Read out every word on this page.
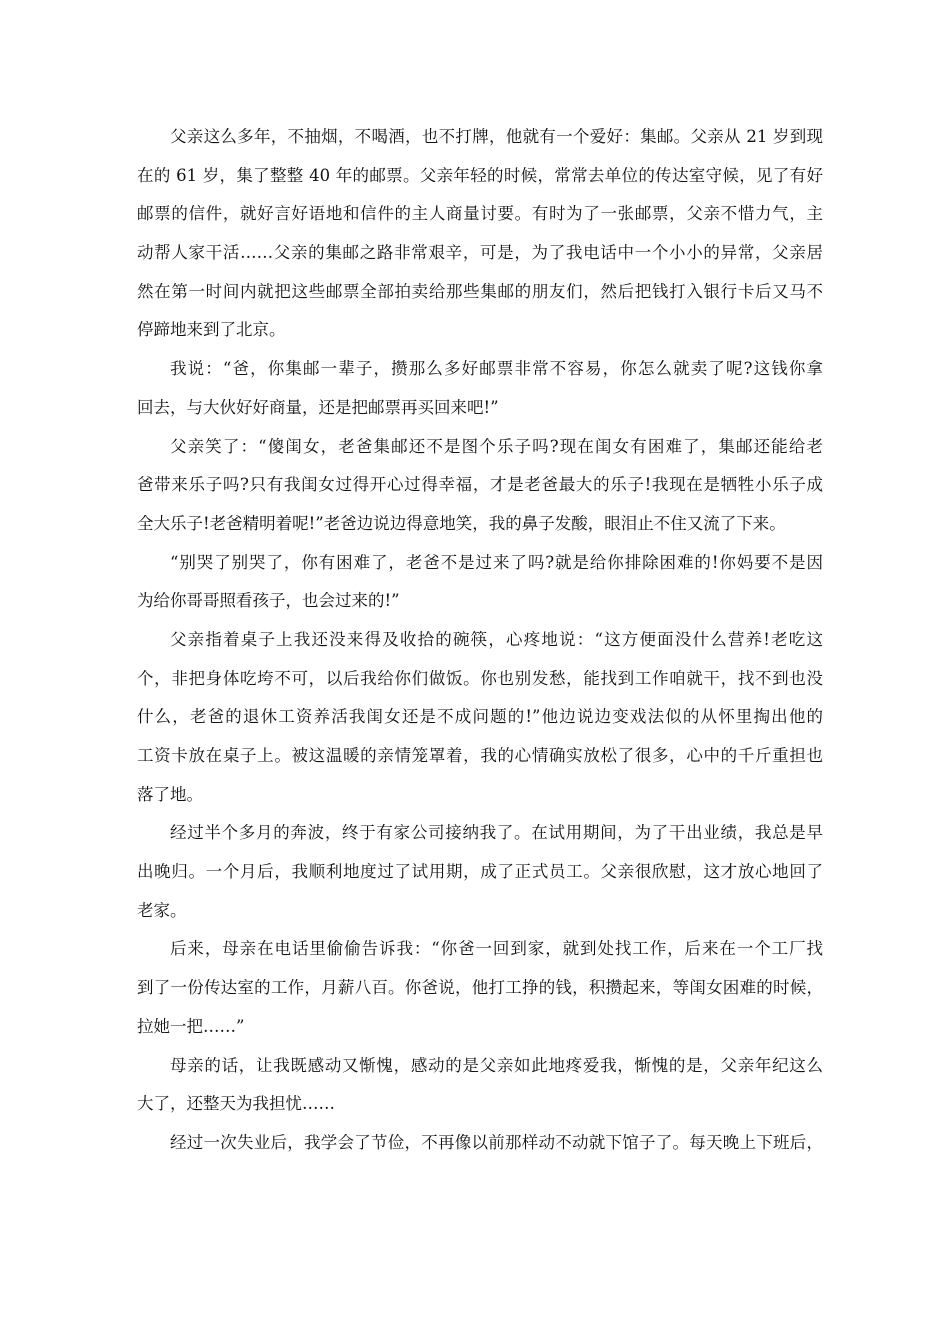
父亲这么多年，不抽烟，不喝酒，也不打牌，他就有一个爱好：集邮。父亲从 21 岁到现
在的 61 岁，集了整整 40 年的邮票。父亲年轻的时候，常常去单位的传达室守候，见了有好
邮票的信件，就好言好语地和信件的主人商量讨要。有时为了一张邮票，父亲不惜力气，主
动帮人家干活……父亲的集邮之路非常艰辛，可是，为了我电话中一个小小的异常，父亲居
然在第一时间内就把这些邮票全部拍卖给那些集邮的朋友们，然后把钱打入银行卡后又马不
停蹄地来到了北京。
我说：“爸，你集邮一辈子，攒那么多好邮票非常不容易，你怎么就卖了呢?这钱你拿
回去，与大伙好好商量，还是把邮票再买回来吧!”
父亲笑了：“傻闺女，老爸集邮还不是图个乐子吗?现在闺女有困难了，集邮还能给老
爸带来乐子吗?只有我闺女过得开心过得幸福，才是老爸最大的乐子!我现在是牺牲小乐子成
全大乐子!老爸精明着呢!”老爸边说边得意地笑，我的鼻子发酸，眼泪止不住又流了下来。
“别哭了别哭了，你有困难了，老爸不是过来了吗?就是给你排除困难的!你妈要不是因
为给你哥哥照看孩子，也会过来的!”
父亲指着桌子上我还没来得及收拾的碗筷，心疼地说：“这方便面没什么营养!老吃这
个，非把身体吃垮不可，以后我给你们做饭。你也别发愁，能找到工作咱就干，找不到也没
什么，老爸的退休工资养活我闺女还是不成问题的!”他边说边变戏法似的从怀里掏出他的
工资卡放在桌子上。被这温暖的亲情笼罩着，我的心情确实放松了很多，心中的千斤重担也
落了地。
经过半个多月的奔波，终于有家公司接纳我了。在试用期间，为了干出业绩，我总是早
出晚归。一个月后，我顺利地度过了试用期，成了正式员工。父亲很欣慰，这才放心地回了
老家。
后来，母亲在电话里偷偷告诉我：“你爸一回到家，就到处找工作，后来在一个工厂找
到了一份传达室的工作，月薪八百。你爸说，他打工挣的钱，积攒起来，等闺女困难的时候，
拉她一把……”
母亲的话，让我既感动又惭愧，感动的是父亲如此地疼爱我，惭愧的是，父亲年纪这么
大了，还整天为我担忧……
经过一次失业后，我学会了节俭，不再像以前那样动不动就下馆子了。每天晚上下班后，
